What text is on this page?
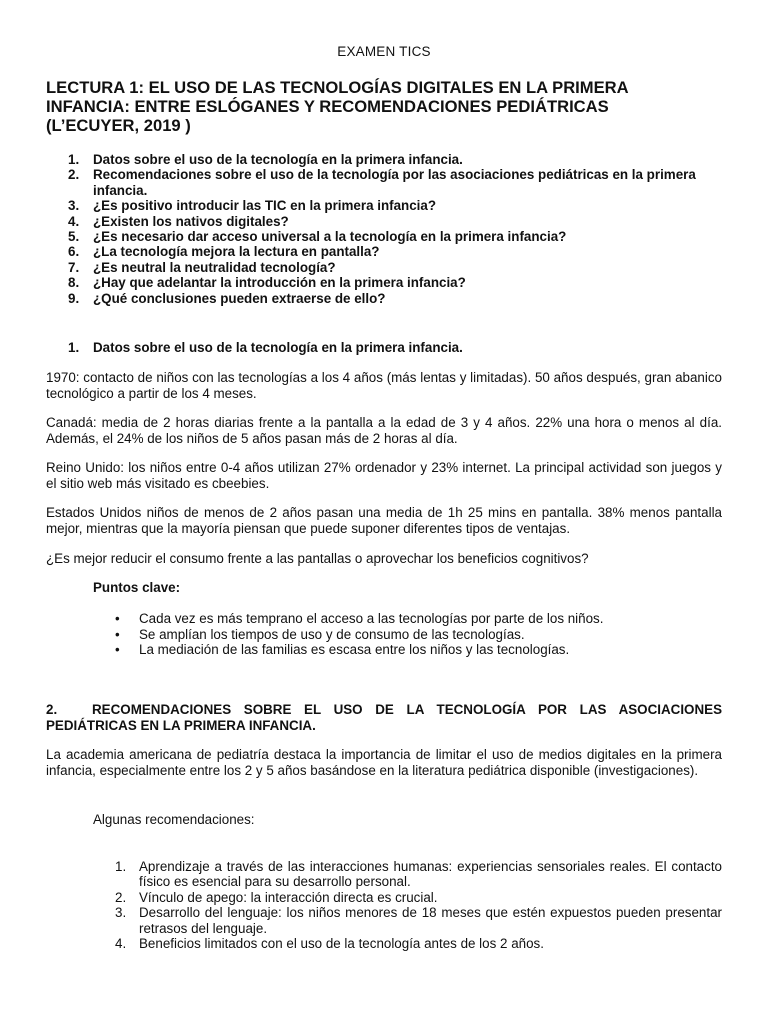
EXAMEN TICS
LECTURA 1: EL USO DE LAS TECNOLOGÍAS DIGITALES EN LA PRIMERA
INFANCIA: ENTRE ESLÓGANES Y RECOMENDACIONES PEDIÁTRICAS
(L’ECUYER, 2019 )
1. Datos sobre el uso de la tecnología en la primera infancia.
2. Recomendaciones sobre el uso de la tecnología por las asociaciones pediátricas en la primera infancia.
3. ¿Es positivo introducir las TIC en la primera infancia?
4. ¿Existen los nativos digitales?
5. ¿Es necesario dar acceso universal a la tecnología en la primera infancia?
6. ¿La tecnología mejora la lectura en pantalla?
7. ¿Es neutral la neutralidad tecnología?
8. ¿Hay que adelantar la introducción en la primera infancia?
9. ¿Qué conclusiones pueden extraerse de ello?
1. Datos sobre el uso de la tecnología en la primera infancia.
1970: contacto de niños con las tecnologías a los 4 años (más lentas y limitadas). 50 años después, gran abanico tecnológico a partir de los 4 meses.
Canadá: media de 2 horas diarias frente a la pantalla a la edad de 3 y 4 años. 22% una hora o menos al día. Además, el 24% de los niños de 5 años pasan más de 2 horas al día.
Reino Unido: los niños entre 0-4 años utilizan 27% ordenador y 23% internet. La principal actividad son juegos y el sitio web más visitado es cbeebies.
Estados Unidos niños de menos de 2 años pasan una media de 1h 25 mins en pantalla. 38% menos pantalla mejor, mientras que la mayoría piensan que puede suponer diferentes tipos de ventajas.
¿Es mejor reducir el consumo frente a las pantallas o aprovechar los beneficios cognitivos?
Puntos clave:
• Cada vez es más temprano el acceso a las tecnologías por parte de los niños.
• Se amplían los tiempos de uso y de consumo de las tecnologías.
• La mediación de las familias es escasa entre los niños y las tecnologías.
2.	RECOMENDACIONES SOBRE EL USO DE LA TECNOLOGÍA POR LAS ASOCIACIONES
PEDIÁTRICAS EN LA PRIMERA INFANCIA.
La academia americana de pediatría destaca la importancia de limitar el uso de medios digitales en la primera infancia, especialmente entre los 2 y 5 años basándose en la literatura pediátrica disponible (investigaciones).
Algunas recomendaciones:
1. Aprendizaje a través de las interacciones humanas: experiencias sensoriales reales. El contacto físico es esencial para su desarrollo personal.
2. Vínculo de apego: la interacción directa es crucial.
3. Desarrollo del lenguaje: los niños menores de 18 meses que estén expuestos pueden presentar retrasos del lenguaje.
4. Beneficios limitados con el uso de la tecnología antes de los 2 años.
